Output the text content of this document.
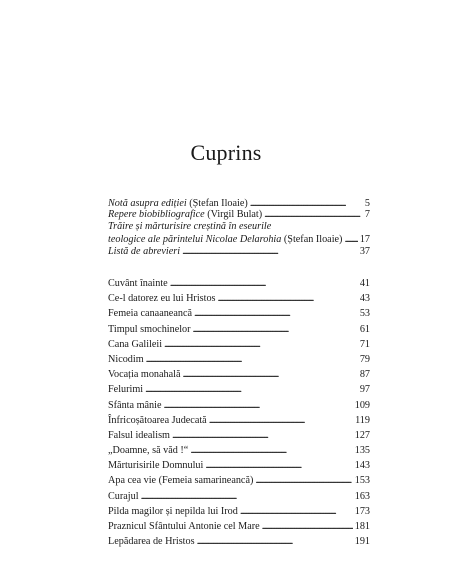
Cuprins
Notă asupra ediției (Ștefan Iloaie) . . .	5
Repere biobibliografice (Virgil Bulat) . . .	7
Trăire și mărturisire creștină în eseurile
teologice ale părintelui Nicolae Delarohia (Ștefan Iloaie) . . . 17
Listă de abrevieri . . .	37
Cuvânt înainte . . .	41
Ce-l datorez eu lui Hristos . . .	43
Femeia canaaneancă . . .	53
Timpul smochinelor . . .	61
Cana Galileii . . .	71
Nicodim . . .	79
Vocația monahală . . .	87
Felurimi . . .	97
Sfânta mânie . . .	109
Înfricoșătoarea Judecată . . .	119
Falsul idealism . . .	127
„Doamne, să văd !“ . . .	135
Mărturisirile Domnului . . .	143
Apa cea vie (Femeia samarineancă) . . .	153
Curajul . . .	163
Pilda magilor și nepilda lui Irod . . .	173
Praznicul Sfântului Antonie cel Mare . . .	181
Lepădarea de Hristos . . .	191
